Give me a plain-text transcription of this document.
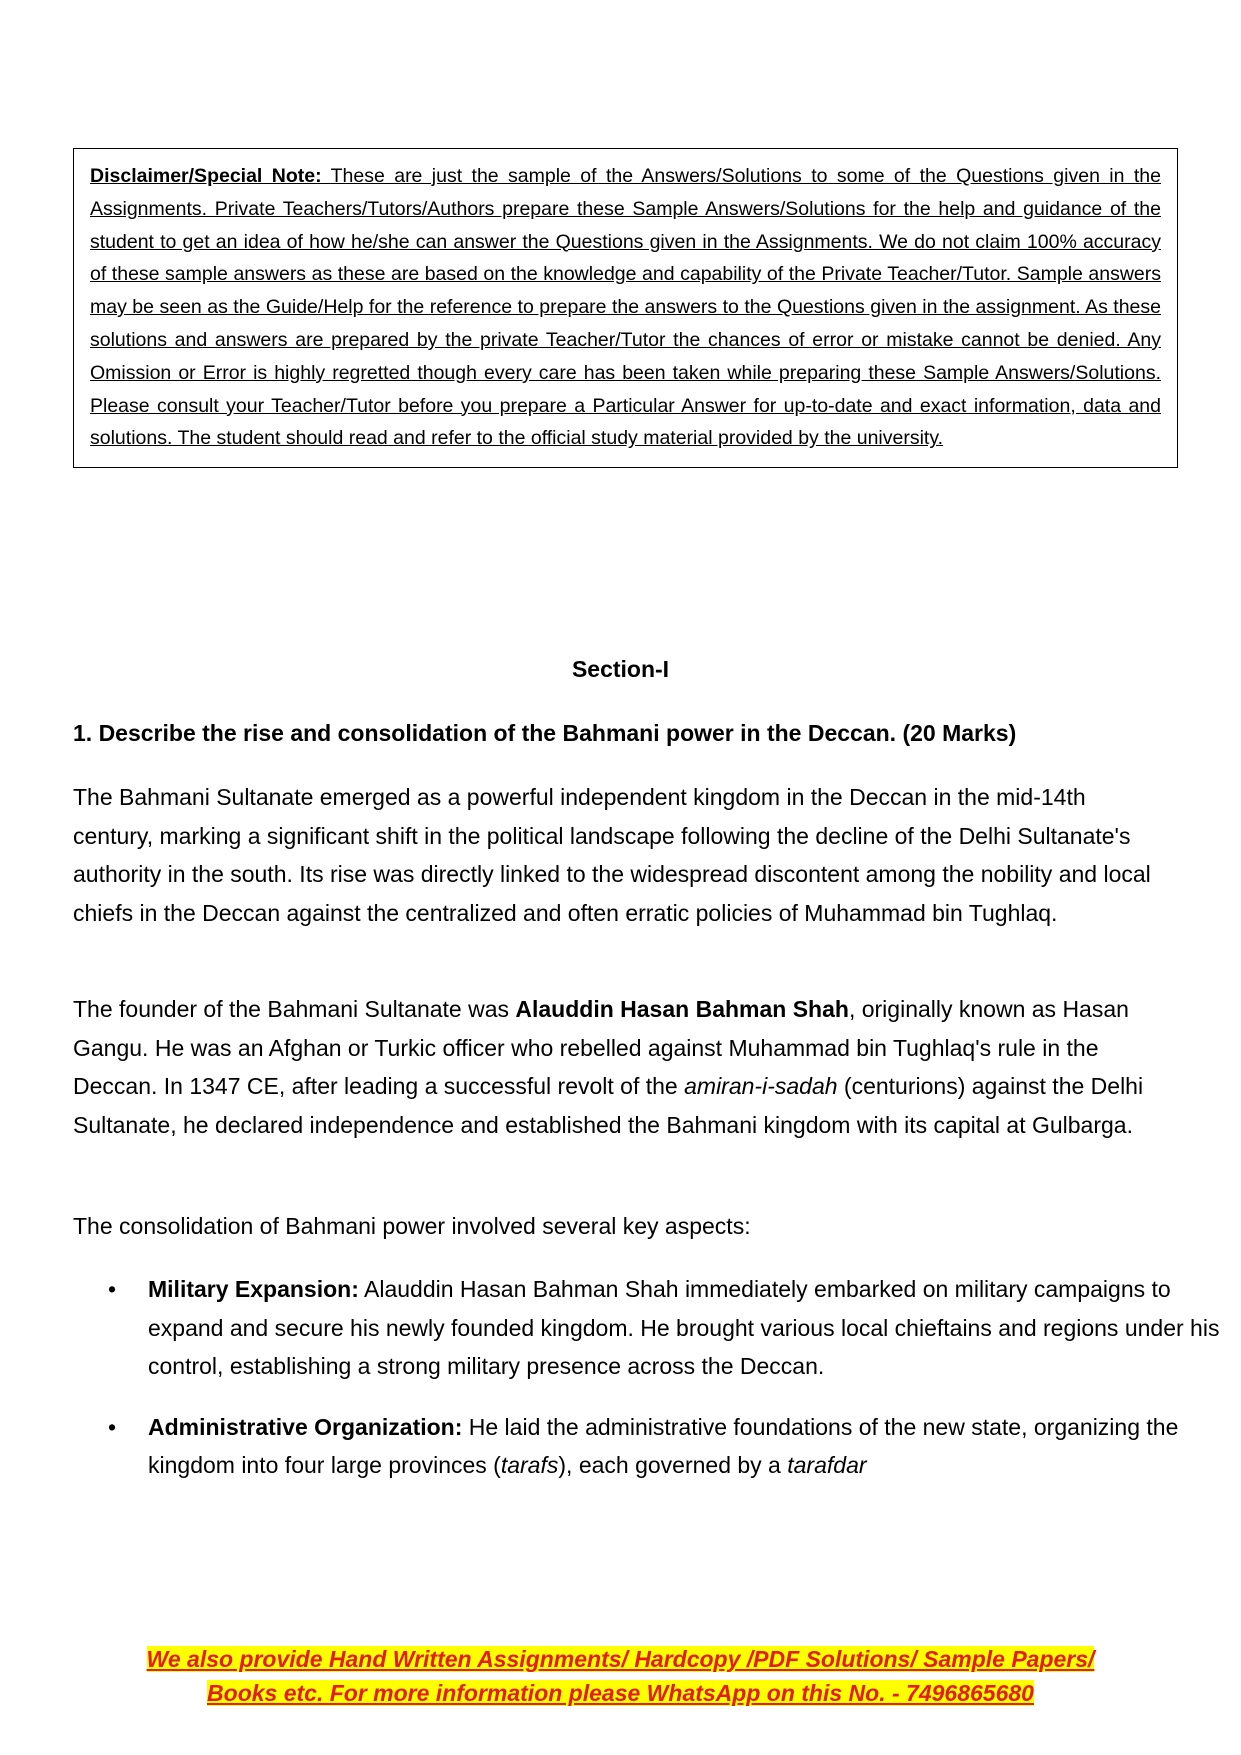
Disclaimer/Special Note: These are just the sample of the Answers/Solutions to some of the Questions given in the Assignments. Private Teachers/Tutors/Authors prepare these Sample Answers/Solutions for the help and guidance of the student to get an idea of how he/she can answer the Questions given in the Assignments. We do not claim 100% accuracy of these sample answers as these are based on the knowledge and capability of the Private Teacher/Tutor. Sample answers may be seen as the Guide/Help for the reference to prepare the answers to the Questions given in the assignment. As these solutions and answers are prepared by the private Teacher/Tutor the chances of error or mistake cannot be denied. Any Omission or Error is highly regretted though every care has been taken while preparing these Sample Answers/Solutions. Please consult your Teacher/Tutor before you prepare a Particular Answer for up-to-date and exact information, data and solutions. The student should read and refer to the official study material provided by the university.
Section-I
1. Describe the rise and consolidation of the Bahmani power in the Deccan. (20 Marks)
The Bahmani Sultanate emerged as a powerful independent kingdom in the Deccan in the mid-14th century, marking a significant shift in the political landscape following the decline of the Delhi Sultanate's authority in the south. Its rise was directly linked to the widespread discontent among the nobility and local chiefs in the Deccan against the centralized and often erratic policies of Muhammad bin Tughlaq.
The founder of the Bahmani Sultanate was Alauddin Hasan Bahman Shah, originally known as Hasan Gangu. He was an Afghan or Turkic officer who rebelled against Muhammad bin Tughlaq's rule in the Deccan. In 1347 CE, after leading a successful revolt of the amiran-i-sadah (centurions) against the Delhi Sultanate, he declared independence and established the Bahmani kingdom with its capital at Gulbarga.
The consolidation of Bahmani power involved several key aspects:
• Military Expansion: Alauddin Hasan Bahman Shah immediately embarked on military campaigns to expand and secure his newly founded kingdom. He brought various local chieftains and regions under his control, establishing a strong military presence across the Deccan.
• Administrative Organization: He laid the administrative foundations of the new state, organizing the kingdom into four large provinces (tarafs), each governed by a tarafdar
We also provide Hand Written Assignments/ Hardcopy /PDF Solutions/ Sample Papers/
Books etc. For more information please WhatsApp on this No. - 7496865680
